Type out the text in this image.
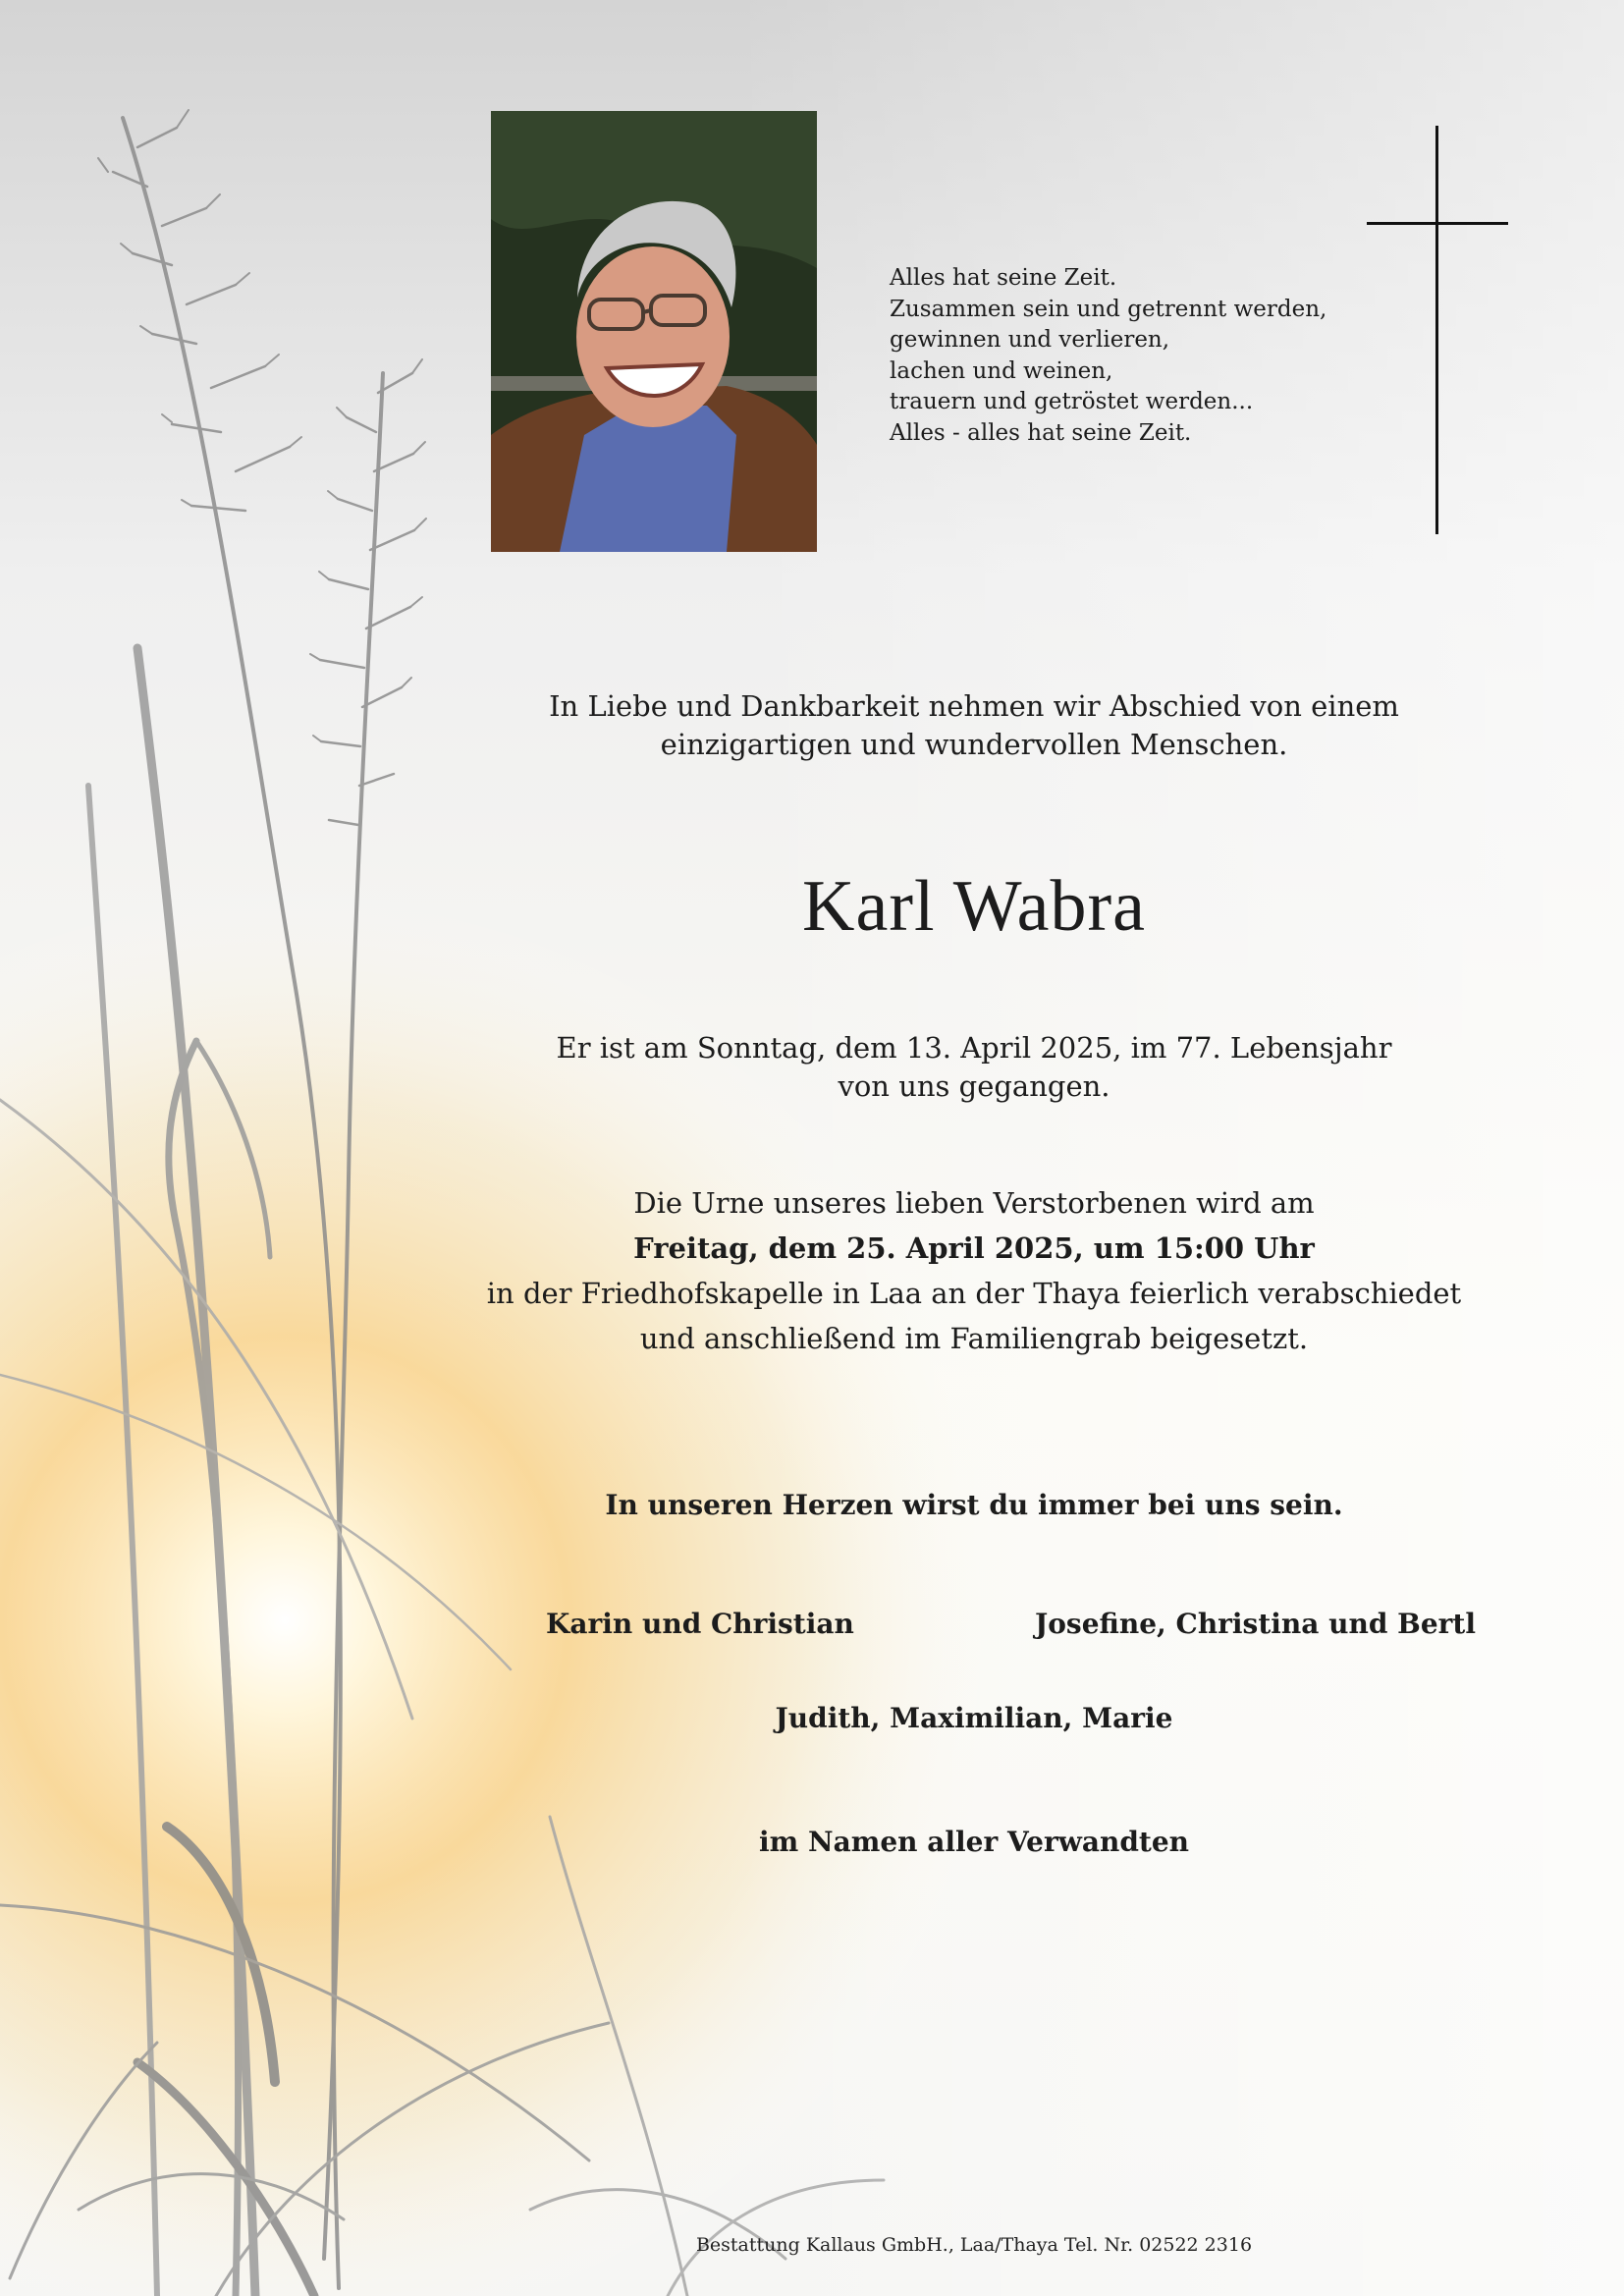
Alles hat seine Zeit.
Zusammen sein und getrennt werden,
gewinnen und verlieren,
lachen und weinen,
trauern und getröstet werden...
Alles - alles hat seine Zeit.
In Liebe und Dankbarkeit nehmen wir Abschied von einem
einzigartigen und wundervollen Menschen.
Karl Wabra
Er ist am Sonntag, dem 13. April 2025, im 77. Lebensjahr
von uns gegangen.
Die Urne unseres lieben Verstorbenen wird am
Freitag, dem 25. April 2025, um 15:00 Uhr
in der Friedhofskapelle in Laa an der Thaya feierlich verabschiedet
und anschließend im Familiengrab beigesetzt.
In unseren Herzen wirst du immer bei uns sein.
Karin und Christian	Josefine, Christina und Bertl
Judith, Maximilian, Marie
im Namen aller Verwandten
Bestattung Kallaus GmbH., Laa/Thaya Tel. Nr. 02522 2316
